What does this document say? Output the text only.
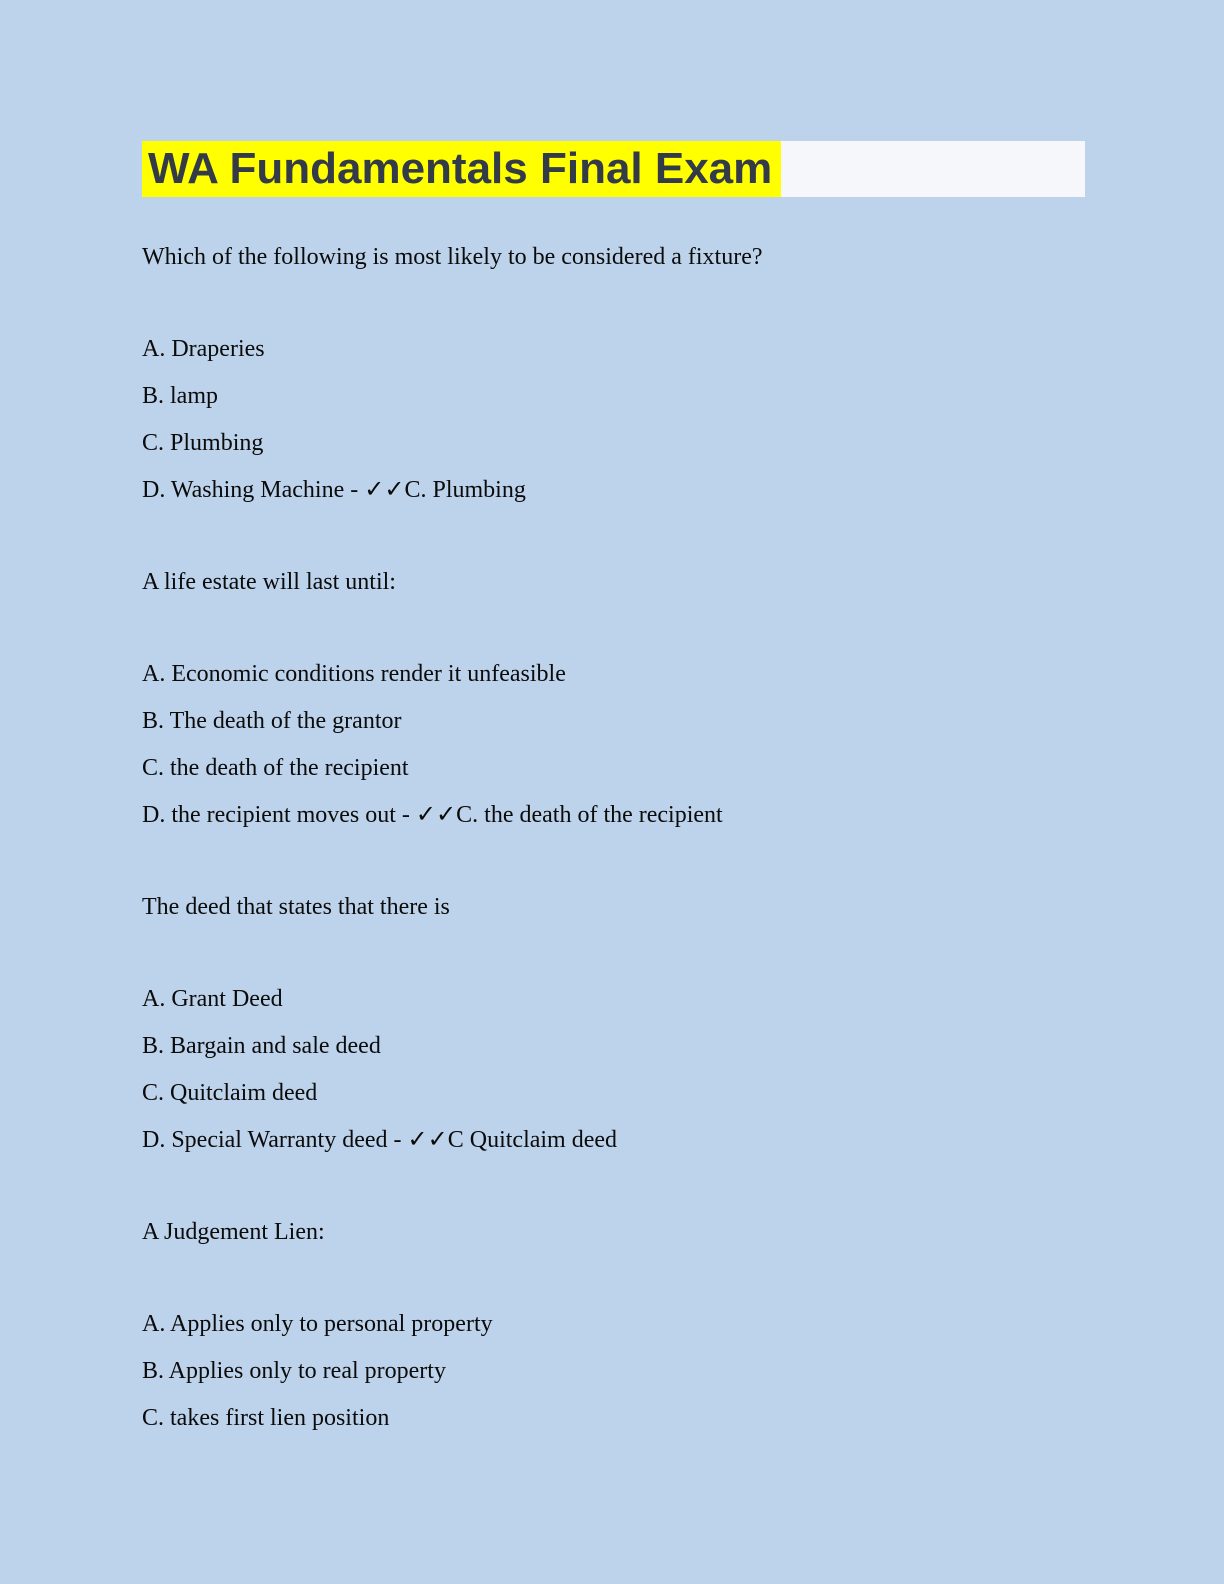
WA Fundamentals Final Exam

Which of the following is most likely to be considered a fixture?

A. Draperies

B. lamp

C. Plumbing

D. Washing Machine - ✓✓C. Plumbing

A life estate will last until:

A. Economic conditions render it unfeasible

B. The death of the grantor

C. the death of the recipient

D. the recipient moves out - ✓✓C. the death of the recipient

The deed that states that there is

A. Grant Deed

B. Bargain and sale deed

C. Quitclaim deed

D. Special Warranty deed - ✓✓C Quitclaim deed

A Judgement Lien:

A. Applies only to personal property

B. Applies only to real property

C. takes first lien position
